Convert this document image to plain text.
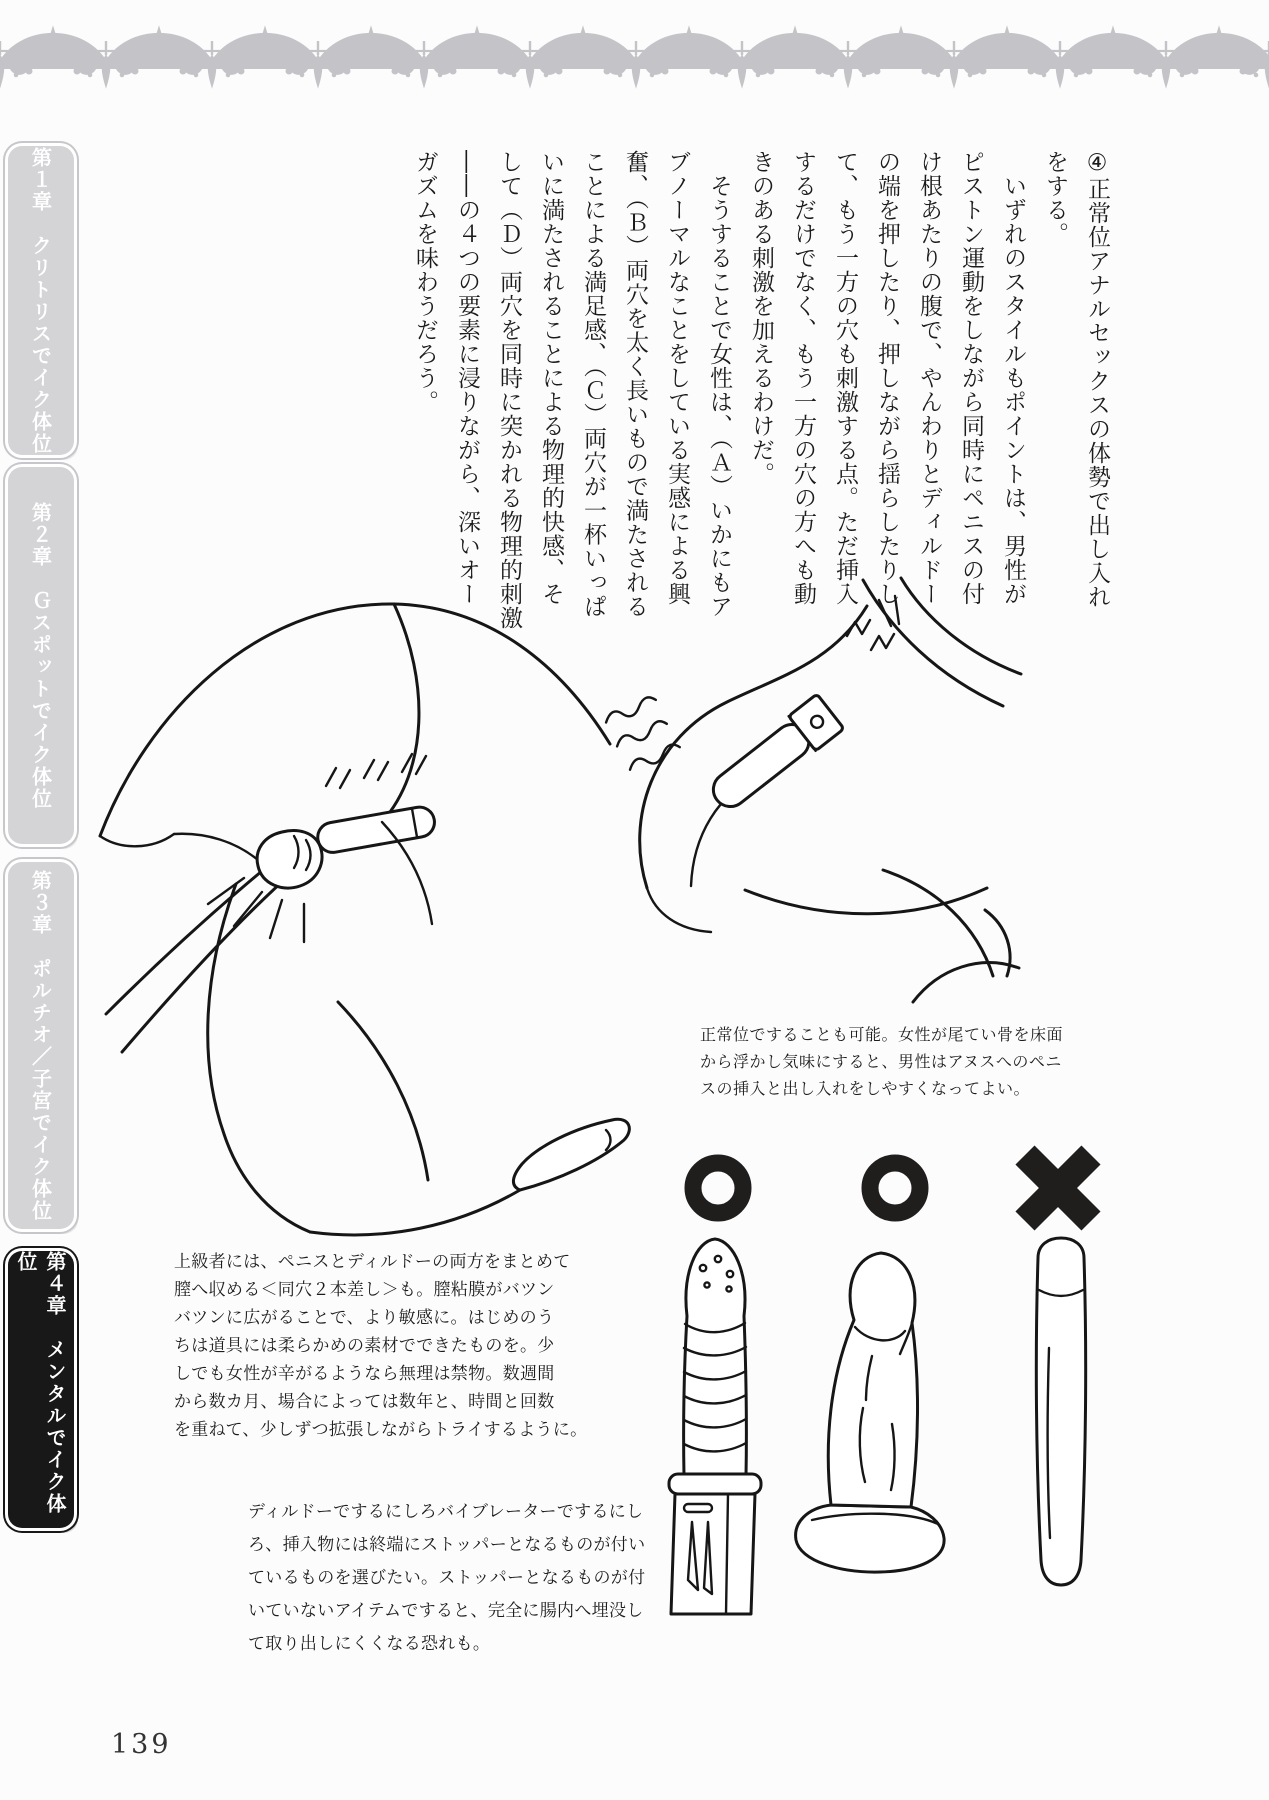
第１章　クリトリスでイク体位
第２章　Ｇスポットでイク体位
第３章　ポルチオ／子宮でイク体位
第４章　メンタルでイク体位
④正常位アナルセックスの体勢で出し入れ
をする。
　いずれのスタイルもポイントは、男性が
ピストン運動をしながら同時にペニスの付
け根あたりの腹で、やんわりとディルドー
の端を押したり、押しながら揺らしたりし
て、もう一方の穴も刺激する点。ただ挿入
するだけでなく、もう一方の穴の方へも動
きのある刺激を加えるわけだ。
　そうすることで女性は、（Ａ）いかにもア
ブノーマルなことをしている実感による興
奮、（Ｂ）両穴を太く長いもので満たされる
ことによる満足感、（Ｃ）両穴が一杯いっぱ
いに満たされることによる物理的快感、そ
して（Ｄ）両穴を同時に突かれる物理的刺激
――の４つの要素に浸りながら、深いオー
ガズムを味わうだろう。
正常位ですることも可能。女性が尾てい骨を床面
から浮かし気味にすると、男性はアヌスへのペニ
スの挿入と出し入れをしやすくなってよい。
上級者には、ペニスとディルドーの両方をまとめて
膣へ収める＜同穴２本差し＞も。膣粘膜がバツン
バツンに広がることで、より敏感に。はじめのう
ちは道具には柔らかめの素材でできたものを。少
しでも女性が辛がるようなら無理は禁物。数週間
から数カ月、場合によっては数年と、時間と回数
を重ねて、少しずつ拡張しながらトライするように。
ディルドーでするにしろバイブレーターでするにし
ろ、挿入物には終端にストッパーとなるものが付い
ているものを選びたい。ストッパーとなるものが付
いていないアイテムですると、完全に腸内へ埋没し
て取り出しにくくなる恐れも。
139
